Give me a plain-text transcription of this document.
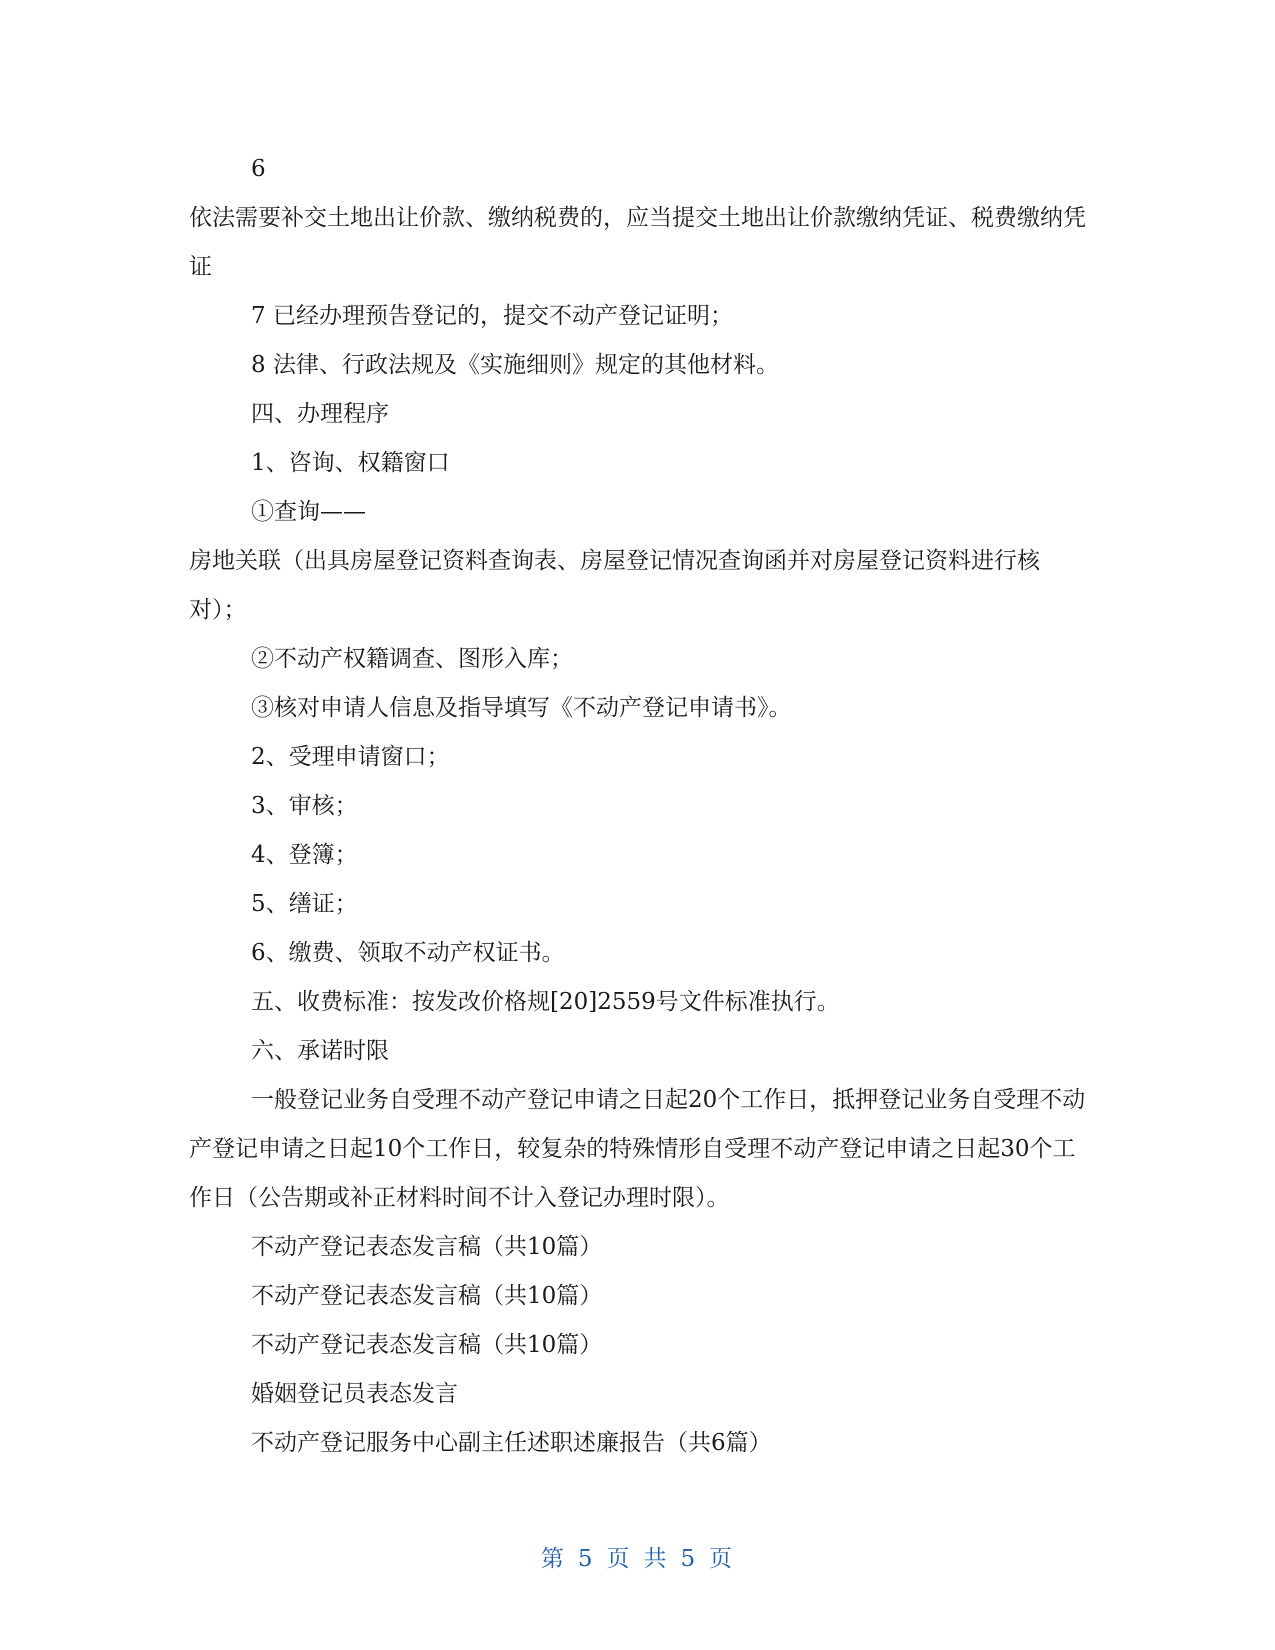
6

依法需要补交土地出让价款、缴纳税费的，应当提交土地出让价款缴纳凭证、税费缴纳凭证

7 已经办理预告登记的，提交不动产登记证明；

8 法律、行政法规及《实施细则》规定的其他材料。

四、办理程序

1、咨询、权籍窗口

①查询——

房地关联（出具房屋登记资料查询表、房屋登记情况查询函并对房屋登记资料进行核对）；

②不动产权籍调查、图形入库；

③核对申请人信息及指导填写《不动产登记申请书》。

2、受理申请窗口；

3、审核；

4、登簿；

5、缮证；

6、缴费、领取不动产权证书。

五、收费标准：按发改价格规[20]2559号文件标准执行。

六、承诺时限

一般登记业务自受理不动产登记申请之日起20个工作日，抵押登记业务自受理不动产登记申请之日起10个工作日，较复杂的特殊情形自受理不动产登记申请之日起30个工作日（公告期或补正材料时间不计入登记办理时限）。

不动产登记表态发言稿（共10篇）

不动产登记表态发言稿（共10篇）

不动产登记表态发言稿（共10篇）

婚姻登记员表态发言

不动产登记服务中心副主任述职述廉报告（共6篇）

第 5 页 共 5 页
